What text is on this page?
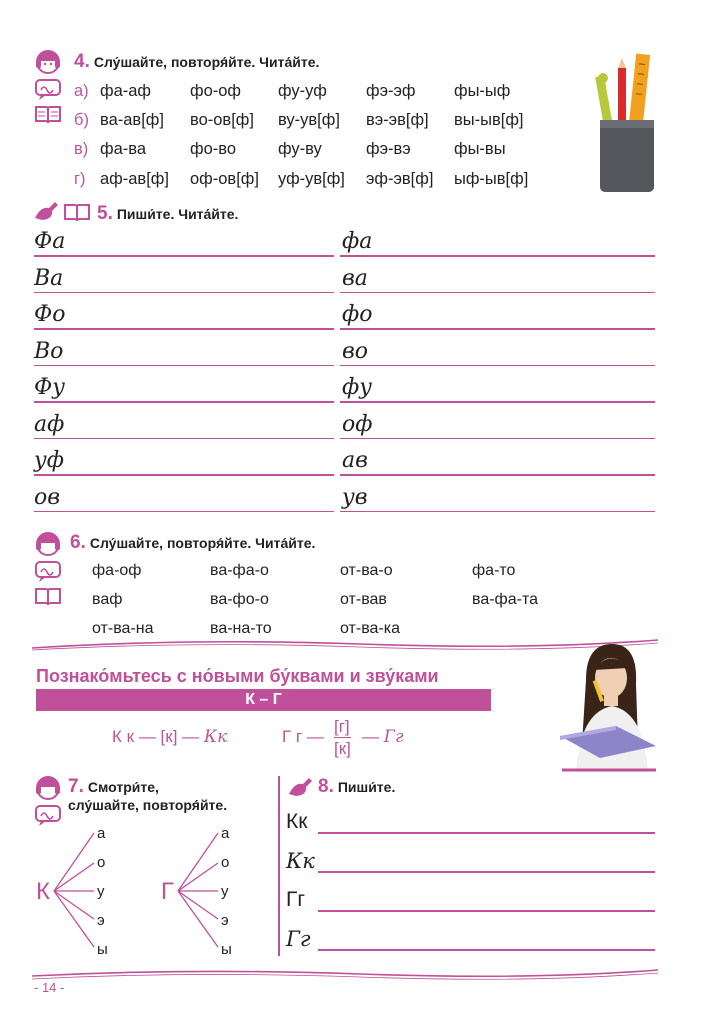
4. Слу́шайте, повторя́йте. Чита́йте.
а) фа-аф фо-оф фу-уф фэ-эф фы-ыф
б) ва-ав[ф] во-ов[ф] ву-ув[ф] вэ-эв[ф] вы-ыв[ф]
в) фа-ва	фо-во	фу-ву	фэ-вэ	фы-вы
г) аф-ав[ф] оф-ов[ф] уф-ув[ф] эф-эв[ф] ыф-ыв[ф]
5. Пиши́те. Чита́йте.
Фа	фа
Ва	ва
Фо	фо
Во	во
Фу	фу
аф	оф
уф	ав
ов	ув
6. Слу́шайте, повторя́йте. Чита́йте.
фа-оф	ва-фа-о	от-ва-о	фа-то
ваф	ва-фо-о	от-вав	ва-фа-та
от-ва-на	ва-на-то	от-ва-ка
Познако́мьтесь с но́выми бу́квами и зву́ками
К – Г
К к — [к] — Кк	Г г —
[г]
[к]
— Гг
7. Смотри́те,
слу́шайте, повторя́йте.
К	Г
а	а
о	о
у	у
э	э
ы	ы
8. Пиши́те.
Кк
Кк
Гг
Гг
- 14 -
